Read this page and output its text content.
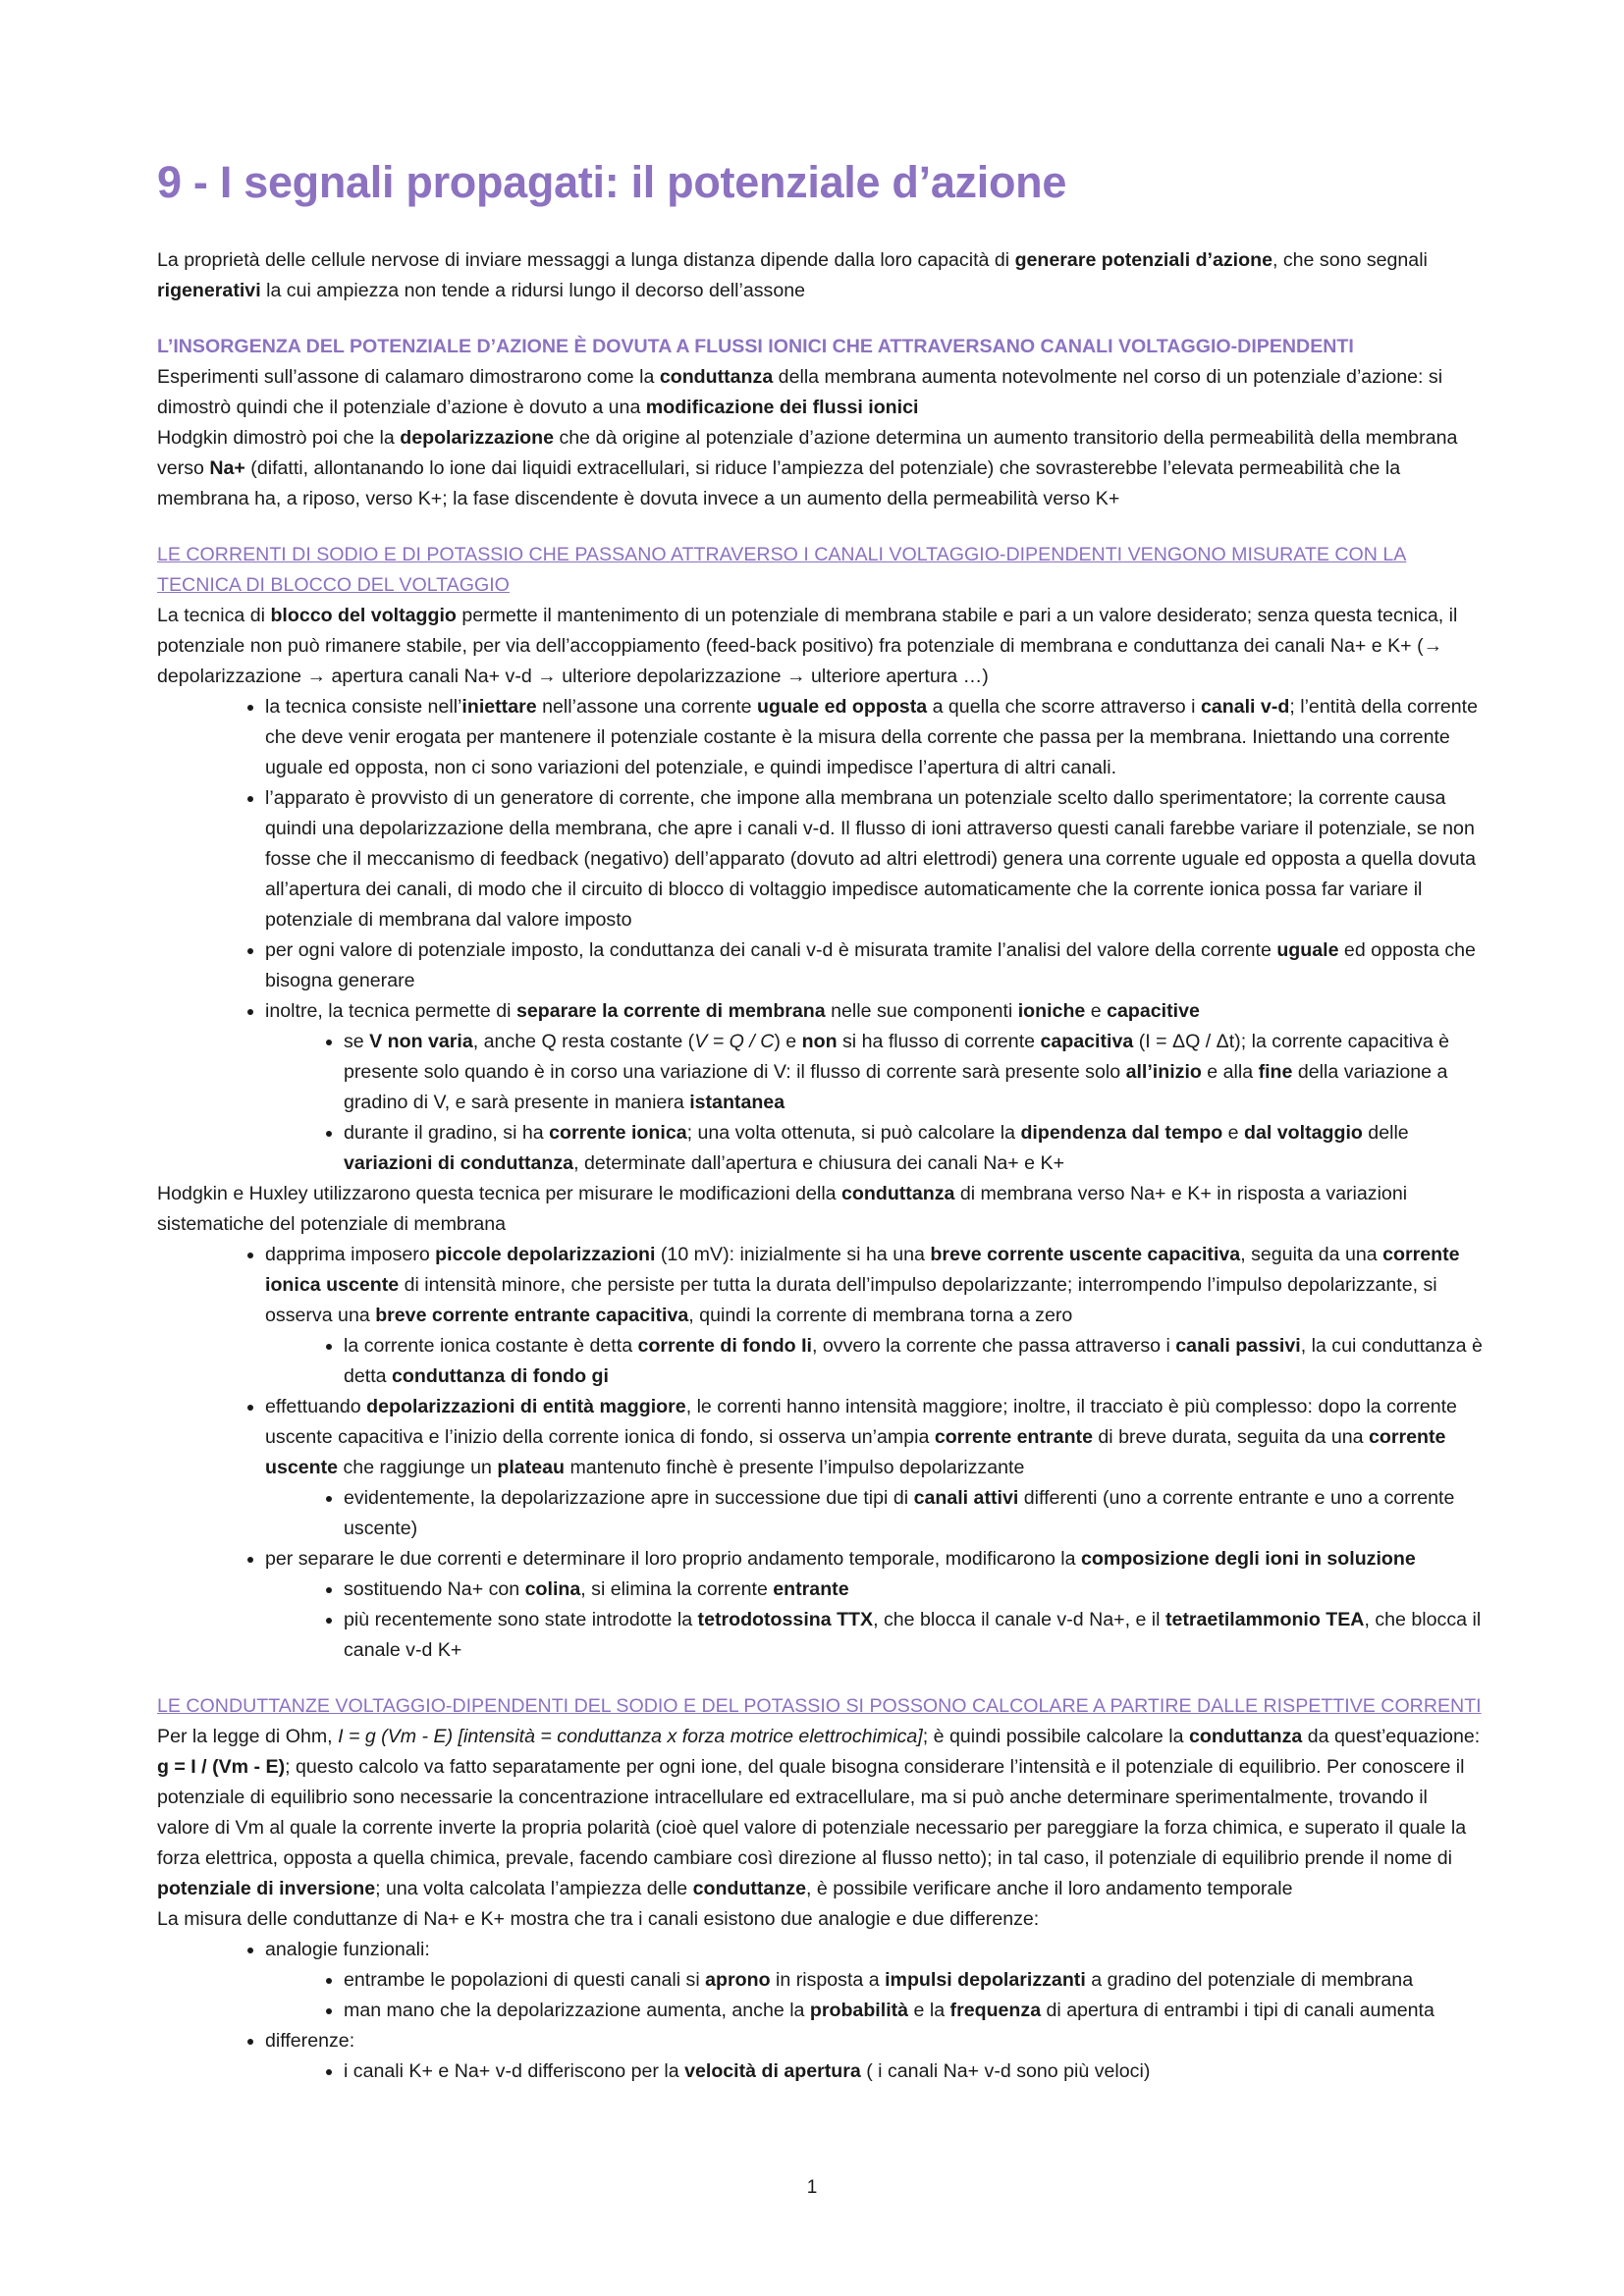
9 - I segnali propagati: il potenziale d’azione

La proprietà delle cellule nervose di inviare messaggi a lunga distanza dipende dalla loro capacità di generare potenziali d’azione, che sono segnali rigenerativi la cui ampiezza non tende a ridursi lungo il decorso dell’assone

L’INSORGENZA DEL POTENZIALE D’AZIONE È DOVUTA A FLUSSI IONICI CHE ATTRAVERSANO CANALI VOLTAGGIO-DIPENDENTI

Esperimenti sull’assone di calamaro dimostrarono come la conduttanza della membrana aumenta notevolmente nel corso di un potenziale d’azione: si dimostrò quindi che il potenziale d’azione è dovuto a una modificazione dei flussi ionici

Hodgkin dimostrò poi che la depolarizzazione che dà origine al potenziale d’azione determina un aumento transitorio della permeabilità della membrana verso Na+ (difatti, allontanando lo ione dai liquidi extracellulari, si riduce l’ampiezza del potenziale) che sovrasterebbe l’elevata permeabilità che la membrana ha, a riposo, verso K+; la fase discendente è dovuta invece a un aumento della permeabilità verso K+

LE CORRENTI DI SODIO E DI POTASSIO CHE PASSANO ATTRAVERSO I CANALI VOLTAGGIO-DIPENDENTI VENGONO MISURATE CON LA TECNICA DI BLOCCO DEL VOLTAGGIO

La tecnica di blocco del voltaggio permette il mantenimento di un potenziale di membrana stabile e pari a un valore desiderato; senza questa tecnica, il potenziale non può rimanere stabile, per via dell’accoppiamento (feed-back positivo) fra potenziale di membrana e conduttanza dei canali Na+ e K+ (→ depolarizzazione → apertura canali Na+ v-d → ulteriore depolarizzazione → ulteriore apertura …)

• la tecnica consiste nell’iniettare nell’assone una corrente uguale ed opposta a quella che scorre attraverso i canali v-d; l’entità della corrente che deve venir erogata per mantenere il potenziale costante è la misura della corrente che passa per la membrana. Iniettando una corrente uguale ed opposta, non ci sono variazioni del potenziale, e quindi impedisce l’apertura di altri canali.
• l’apparato è provvisto di un generatore di corrente, che impone alla membrana un potenziale scelto dallo sperimentatore; la corrente causa quindi una depolarizzazione della membrana, che apre i canali v-d. Il flusso di ioni attraverso questi canali farebbe variare il potenziale, se non fosse che il meccanismo di feedback (negativo) dell’apparato (dovuto ad altri elettrodi) genera una corrente uguale ed opposta a quella dovuta all’apertura dei canali, di modo che il circuito di blocco di voltaggio impedisce automaticamente che la corrente ionica possa far variare il potenziale di membrana dal valore imposto
• per ogni valore di potenziale imposto, la conduttanza dei canali v-d è misurata tramite l’analisi del valore della corrente uguale ed opposta che bisogna generare
• inoltre, la tecnica permette di separare la corrente di membrana nelle sue componenti ioniche e capacitive
• se V non varia, anche Q resta costante (V = Q / C) e non si ha flusso di corrente capacitiva (I = ΔQ / Δt); la corrente capacitiva è presente solo quando è in corso una variazione di V: il flusso di corrente sarà presente solo all’inizio e alla fine della variazione a gradino di V, e sarà presente in maniera istantanea
• durante il gradino, si ha corrente ionica; una volta ottenuta, si può calcolare la dipendenza dal tempo e dal voltaggio delle variazioni di conduttanza, determinate dall’apertura e chiusura dei canali Na+ e K+

Hodgkin e Huxley utilizzarono questa tecnica per misurare le modificazioni della conduttanza di membrana verso Na+ e K+ in risposta a variazioni sistematiche del potenziale di membrana

• dapprima imposero piccole depolarizzazioni (10 mV): inizialmente si ha una breve corrente uscente capacitiva, seguita da una corrente ionica uscente di intensità minore, che persiste per tutta la durata dell’impulso depolarizzante; interrompendo l’impulso depolarizzante, si osserva una breve corrente entrante capacitiva, quindi la corrente di membrana torna a zero
• la corrente ionica costante è detta corrente di fondo Ii, ovvero la corrente che passa attraverso i canali passivi, la cui conduttanza è detta conduttanza di fondo gi
• effettuando depolarizzazioni di entità maggiore, le correnti hanno intensità maggiore; inoltre, il tracciato è più complesso: dopo la corrente uscente capacitiva e l’inizio della corrente ionica di fondo, si osserva un’ampia corrente entrante di breve durata, seguita da una corrente uscente che raggiunge un plateau mantenuto finchè è presente l’impulso depolarizzante
• evidentemente, la depolarizzazione apre in successione due tipi di canali attivi differenti (uno a corrente entrante e uno a corrente uscente)
• per separare le due correnti e determinare il loro proprio andamento temporale, modificarono la composizione degli ioni in soluzione
• sostituendo Na+ con colina, si elimina la corrente entrante
• più recentemente sono state introdotte la tetrodotossina TTX, che blocca il canale v-d Na+, e il tetraetilammonio TEA, che blocca il canale v-d K+
LE CONDUTTANZE VOLTAGGIO-DIPENDENTI DEL SODIO E DEL POTASSIO SI POSSONO CALCOLARE A PARTIRE DALLE RISPETTIVE CORRENTI

Per la legge di Ohm, I = g (Vm - E) [intensità = conduttanza x forza motrice elettrochimica]; è quindi possibile calcolare la conduttanza da quest’equazione: g = I / (Vm - E); questo calcolo va fatto separatamente per ogni ione, del quale bisogna considerare l’intensità e il potenziale di equilibrio. Per conoscere il potenziale di equilibrio sono necessarie la concentrazione intracellulare ed extracellulare, ma si può anche determinare sperimentalmente, trovando il valore di Vm al quale la corrente inverte la propria polarità (cioè quel valore di potenziale necessario per pareggiare la forza chimica, e superato il quale la forza elettrica, opposta a quella chimica, prevale, facendo cambiare così direzione al flusso netto); in tal caso, il potenziale di equilibrio prende il nome di potenziale di inversione; una volta calcolata l’ampiezza delle conduttanze, è possibile verificare anche il loro andamento temporale

La misura delle conduttanze di Na+ e K+ mostra che tra i canali esistono due analogie e due differenze:

• analogie funzionali:
• entrambe le popolazioni di questi canali si aprono in risposta a impulsi depolarizzanti a gradino del potenziale di membrana
• man mano che la depolarizzazione aumenta, anche la probabilità e la frequenza di apertura di entrambi i tipi di canali aumenta
• differenze:
• i canali K+ e Na+ v-d differiscono per la velocità di apertura ( i canali Na+ v-d sono più veloci)
1
